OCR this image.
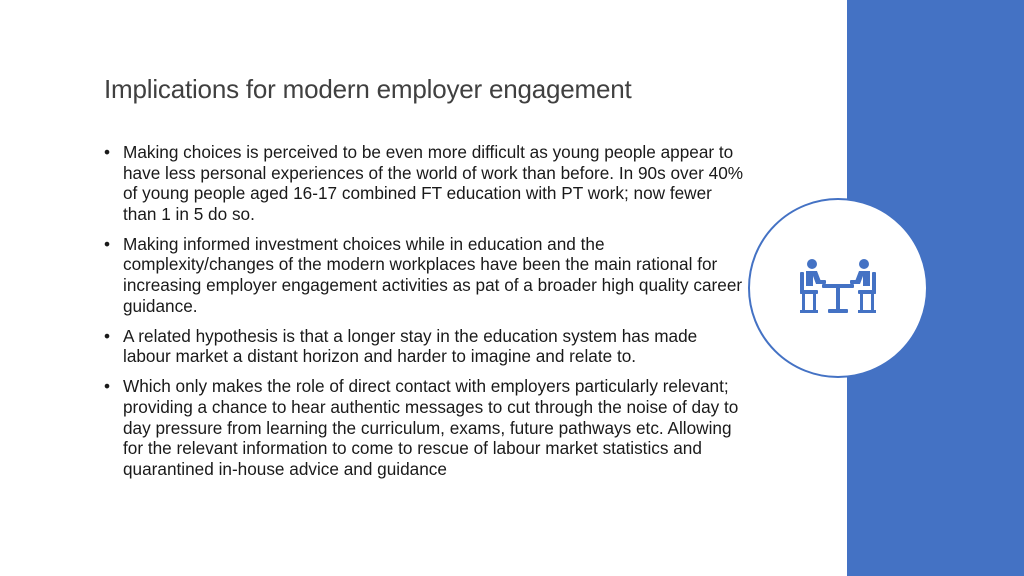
Implications for modern employer engagement
• Making choices is perceived to be even more difficult as young people appear to have less personal experiences of the world of work than before. In 90s over 40% of young people aged 16-17 combined FT education with PT work; now fewer than 1 in 5 do so.
• Making informed investment choices while in education and the complexity/changes of the modern workplaces have been the main rational for increasing employer engagement activities as pat of a broader high quality career guidance.
• A related hypothesis is that a longer stay in the education system has made labour market a distant horizon and harder to imagine and relate to.
• Which only makes the role of direct contact with employers particularly relevant; providing a chance to hear authentic messages to cut through the noise of day to day pressure from learning the curriculum, exams, future pathways etc. Allowing for the relevant information to come to rescue of labour market statistics and quarantined in-house advice and guidance
